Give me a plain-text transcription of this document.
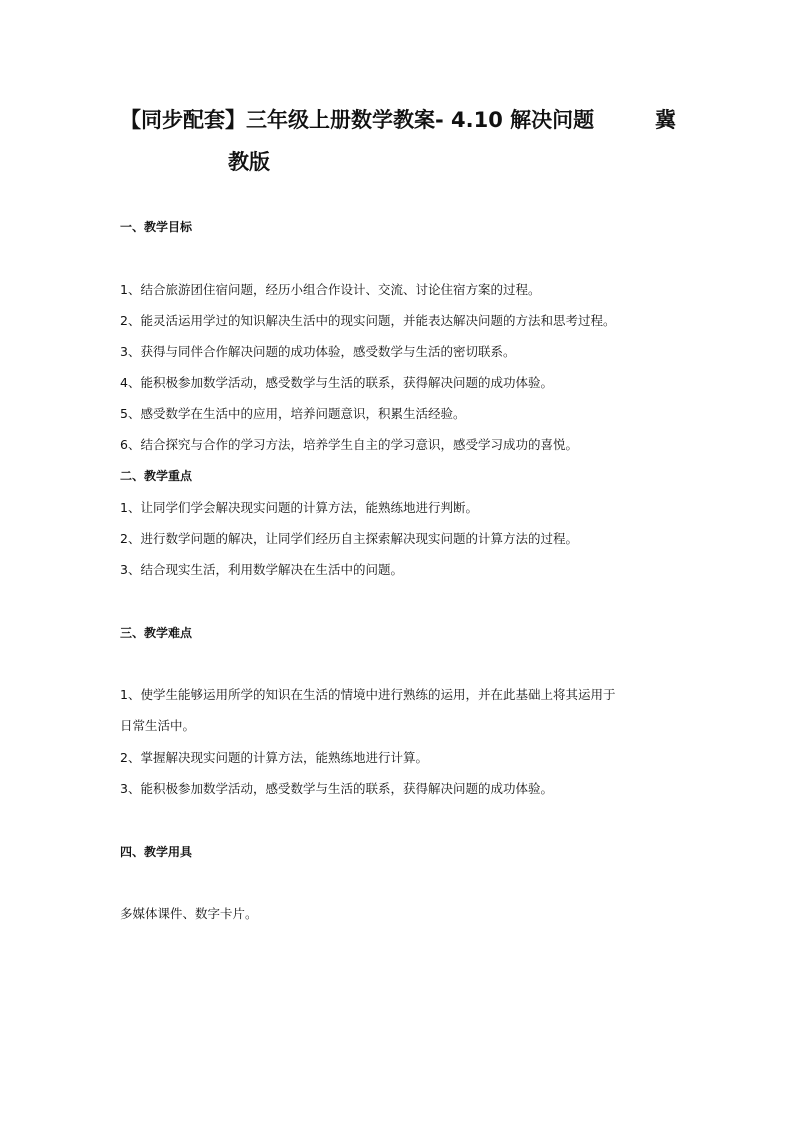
【同步配套】三年级上册数学教案- 4.10 解决问题	冀
教版
一、教学目标
1、结合旅游团住宿问题，经历小组合作设计、交流、讨论住宿方案的过程。
2、能灵活运用学过的知识解决生活中的现实问题，并能表达解决问题的方法和思考过程。
3、获得与同伴合作解决问题的成功体验，感受数学与生活的密切联系。
4、能积极参加数学活动，感受数学与生活的联系，获得解决问题的成功体验。
5、感受数学在生活中的应用，培养问题意识，积累生活经验。
6、结合探究与合作的学习方法，培养学生自主的学习意识，感受学习成功的喜悦。
二、教学重点
1、让同学们学会解决现实问题的计算方法，能熟练地进行判断。
2、进行数学问题的解决，让同学们经历自主探索解决现实问题的计算方法的过程。
3、结合现实生活，利用数学解决在生活中的问题。
三、教学难点
1、使学生能够运用所学的知识在生活的情境中进行熟练的运用，并在此基础上将其运用于
日常生活中。
2、掌握解决现实问题的计算方法，能熟练地进行计算。
3、能积极参加数学活动，感受数学与生活的联系，获得解决问题的成功体验。
四、教学用具
多媒体课件、数字卡片。
